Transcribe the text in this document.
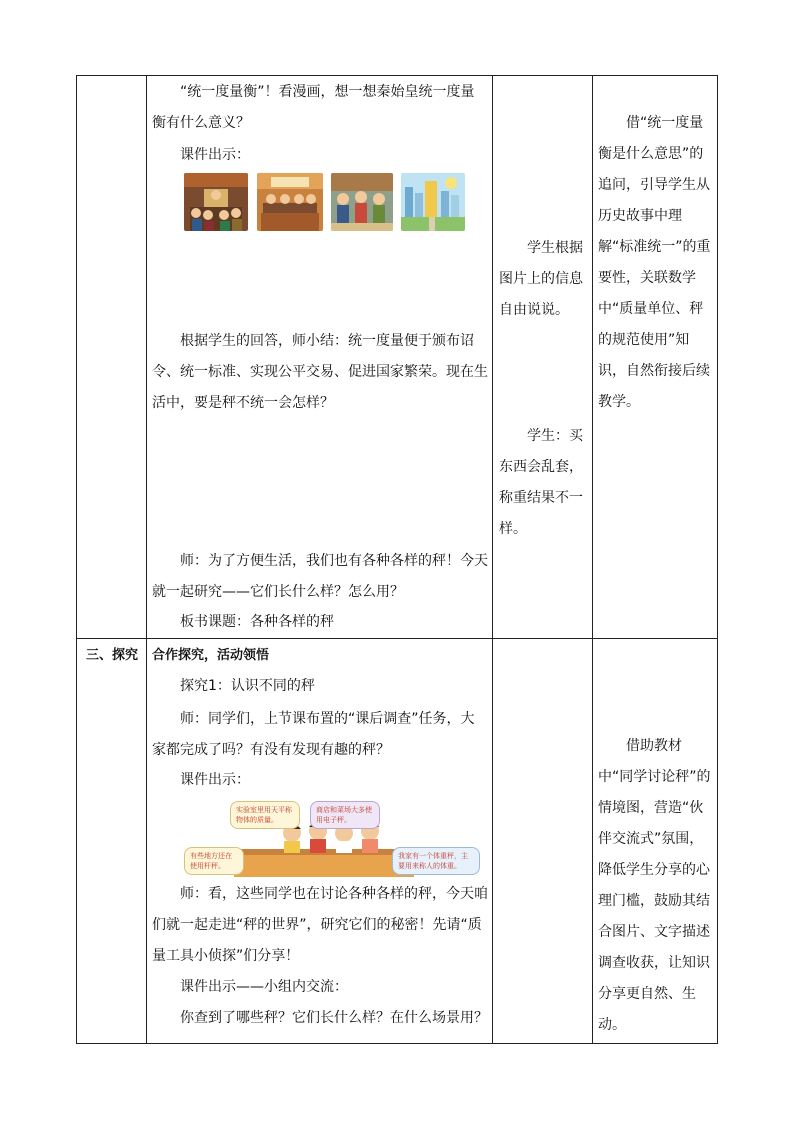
“统一度量衡”！看漫画，想一想秦始皇统一度量衡有什么意义？
课件出示：
根据学生的回答，师小结：统一度量便于颁布诏令、统一标准、实现公平交易、促进国家繁荣。现在生活中，要是秤不统一会怎样？
师：为了方便生活，我们也有各种各样的秤！今天就一起研究——它们长什么样？怎么用？
板书课题：各种各样的秤
学生根据图片上的信息自由说说。
学生：买东西会乱套，称重结果不一样。
借“统一度量衡是什么意思”的追问，引导学生从历史故事中理解“标准统一”的重要性，关联数学中“质量单位、秤的规范使用”知识，自然衔接后续教学。
三、探究	合作探究，活动领悟
探究1：认识不同的秤
师：同学们，上节课布置的“课后调查”任务，大家都完成了吗？有没有发现有趣的秤？
课件出示：
实验室里用天平称物体的质量。
商店和菜场大多使用电子秤。
有些地方还在使用杆秤。
我家有一个体重秤，主要用来称人的体重。
师：看，这些同学也在讨论各种各样的秤，今天咱们就一起走进“秤的世界”，研究它们的秘密！先请“质量工具小侦探”们分享！
课件出示——小组内交流：
你查到了哪些秤？它们长什么样？在什么场景用？
借助教材中“同学讨论秤”的情境图，营造“伙伴交流式”氛围，降低学生分享的心理门槛，鼓励其结合图片、文字描述调查收获，让知识分享更自然、生动。
